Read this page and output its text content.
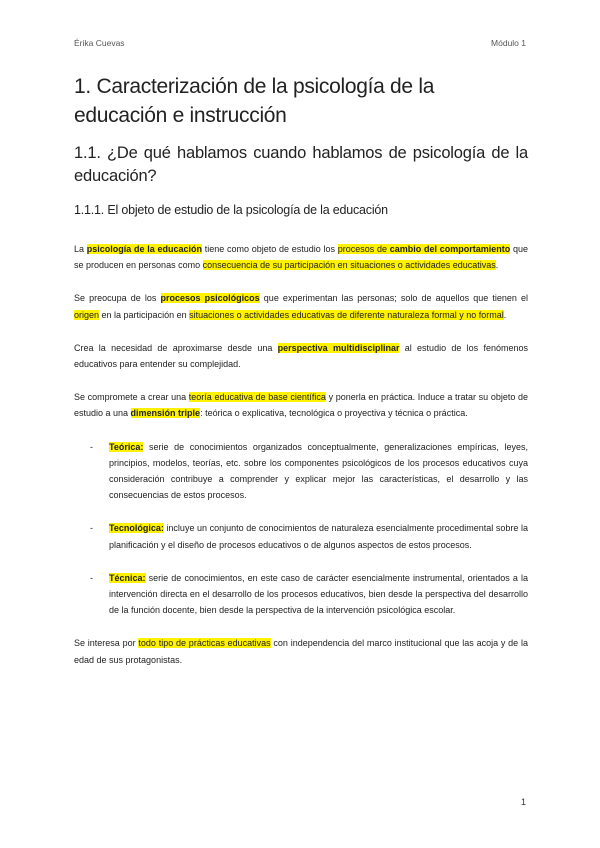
Érika Cuevas	Módulo 1
1. Caracterización de la psicología de la educación e instrucción
1.1. ¿De qué hablamos cuando hablamos de psicología de la educación?
1.1.1. El objeto de estudio de la psicología de la educación

La psicología de la educación tiene como objeto de estudio los procesos de cambio del comportamiento que se producen en personas como consecuencia de su participación en situaciones o actividades educativas.

Se preocupa de los procesos psicológicos que experimentan las personas; solo de aquellos que tienen el origen en la participación en situaciones o actividades educativas de diferente naturaleza formal y no formal.

Crea la necesidad de aproximarse desde una perspectiva multidisciplinar al estudio de los fenómenos educativos para entender su complejidad.

Se compromete a crear una teoría educativa de base científica y ponerla en práctica. Induce a tratar su objeto de estudio a una dimensión triple: teórica o explicativa, tecnológica o proyectiva y técnica o práctica.

- Teórica: serie de conocimientos organizados conceptualmente, generalizaciones empíricas, leyes, principios, modelos, teorías, etc. sobre los componentes psicológicos de los procesos educativos cuya consideración contribuye a comprender y explicar mejor las características, el desarrollo y las consecuencias de estos procesos.
- Tecnológica: incluye un conjunto de conocimientos de naturaleza esencialmente procedimental sobre la planificación y el diseño de procesos educativos o de algunos aspectos de estos procesos.
- Técnica: serie de conocimientos, en este caso de carácter esencialmente instrumental, orientados a la intervención directa en el desarrollo de los procesos educativos, bien desde la perspectiva del desarrollo de la función docente, bien desde la perspectiva de la intervención psicológica escolar.

Se interesa por todo tipo de prácticas educativas con independencia del marco institucional que las acoja y de la edad de sus protagonistas.

1
